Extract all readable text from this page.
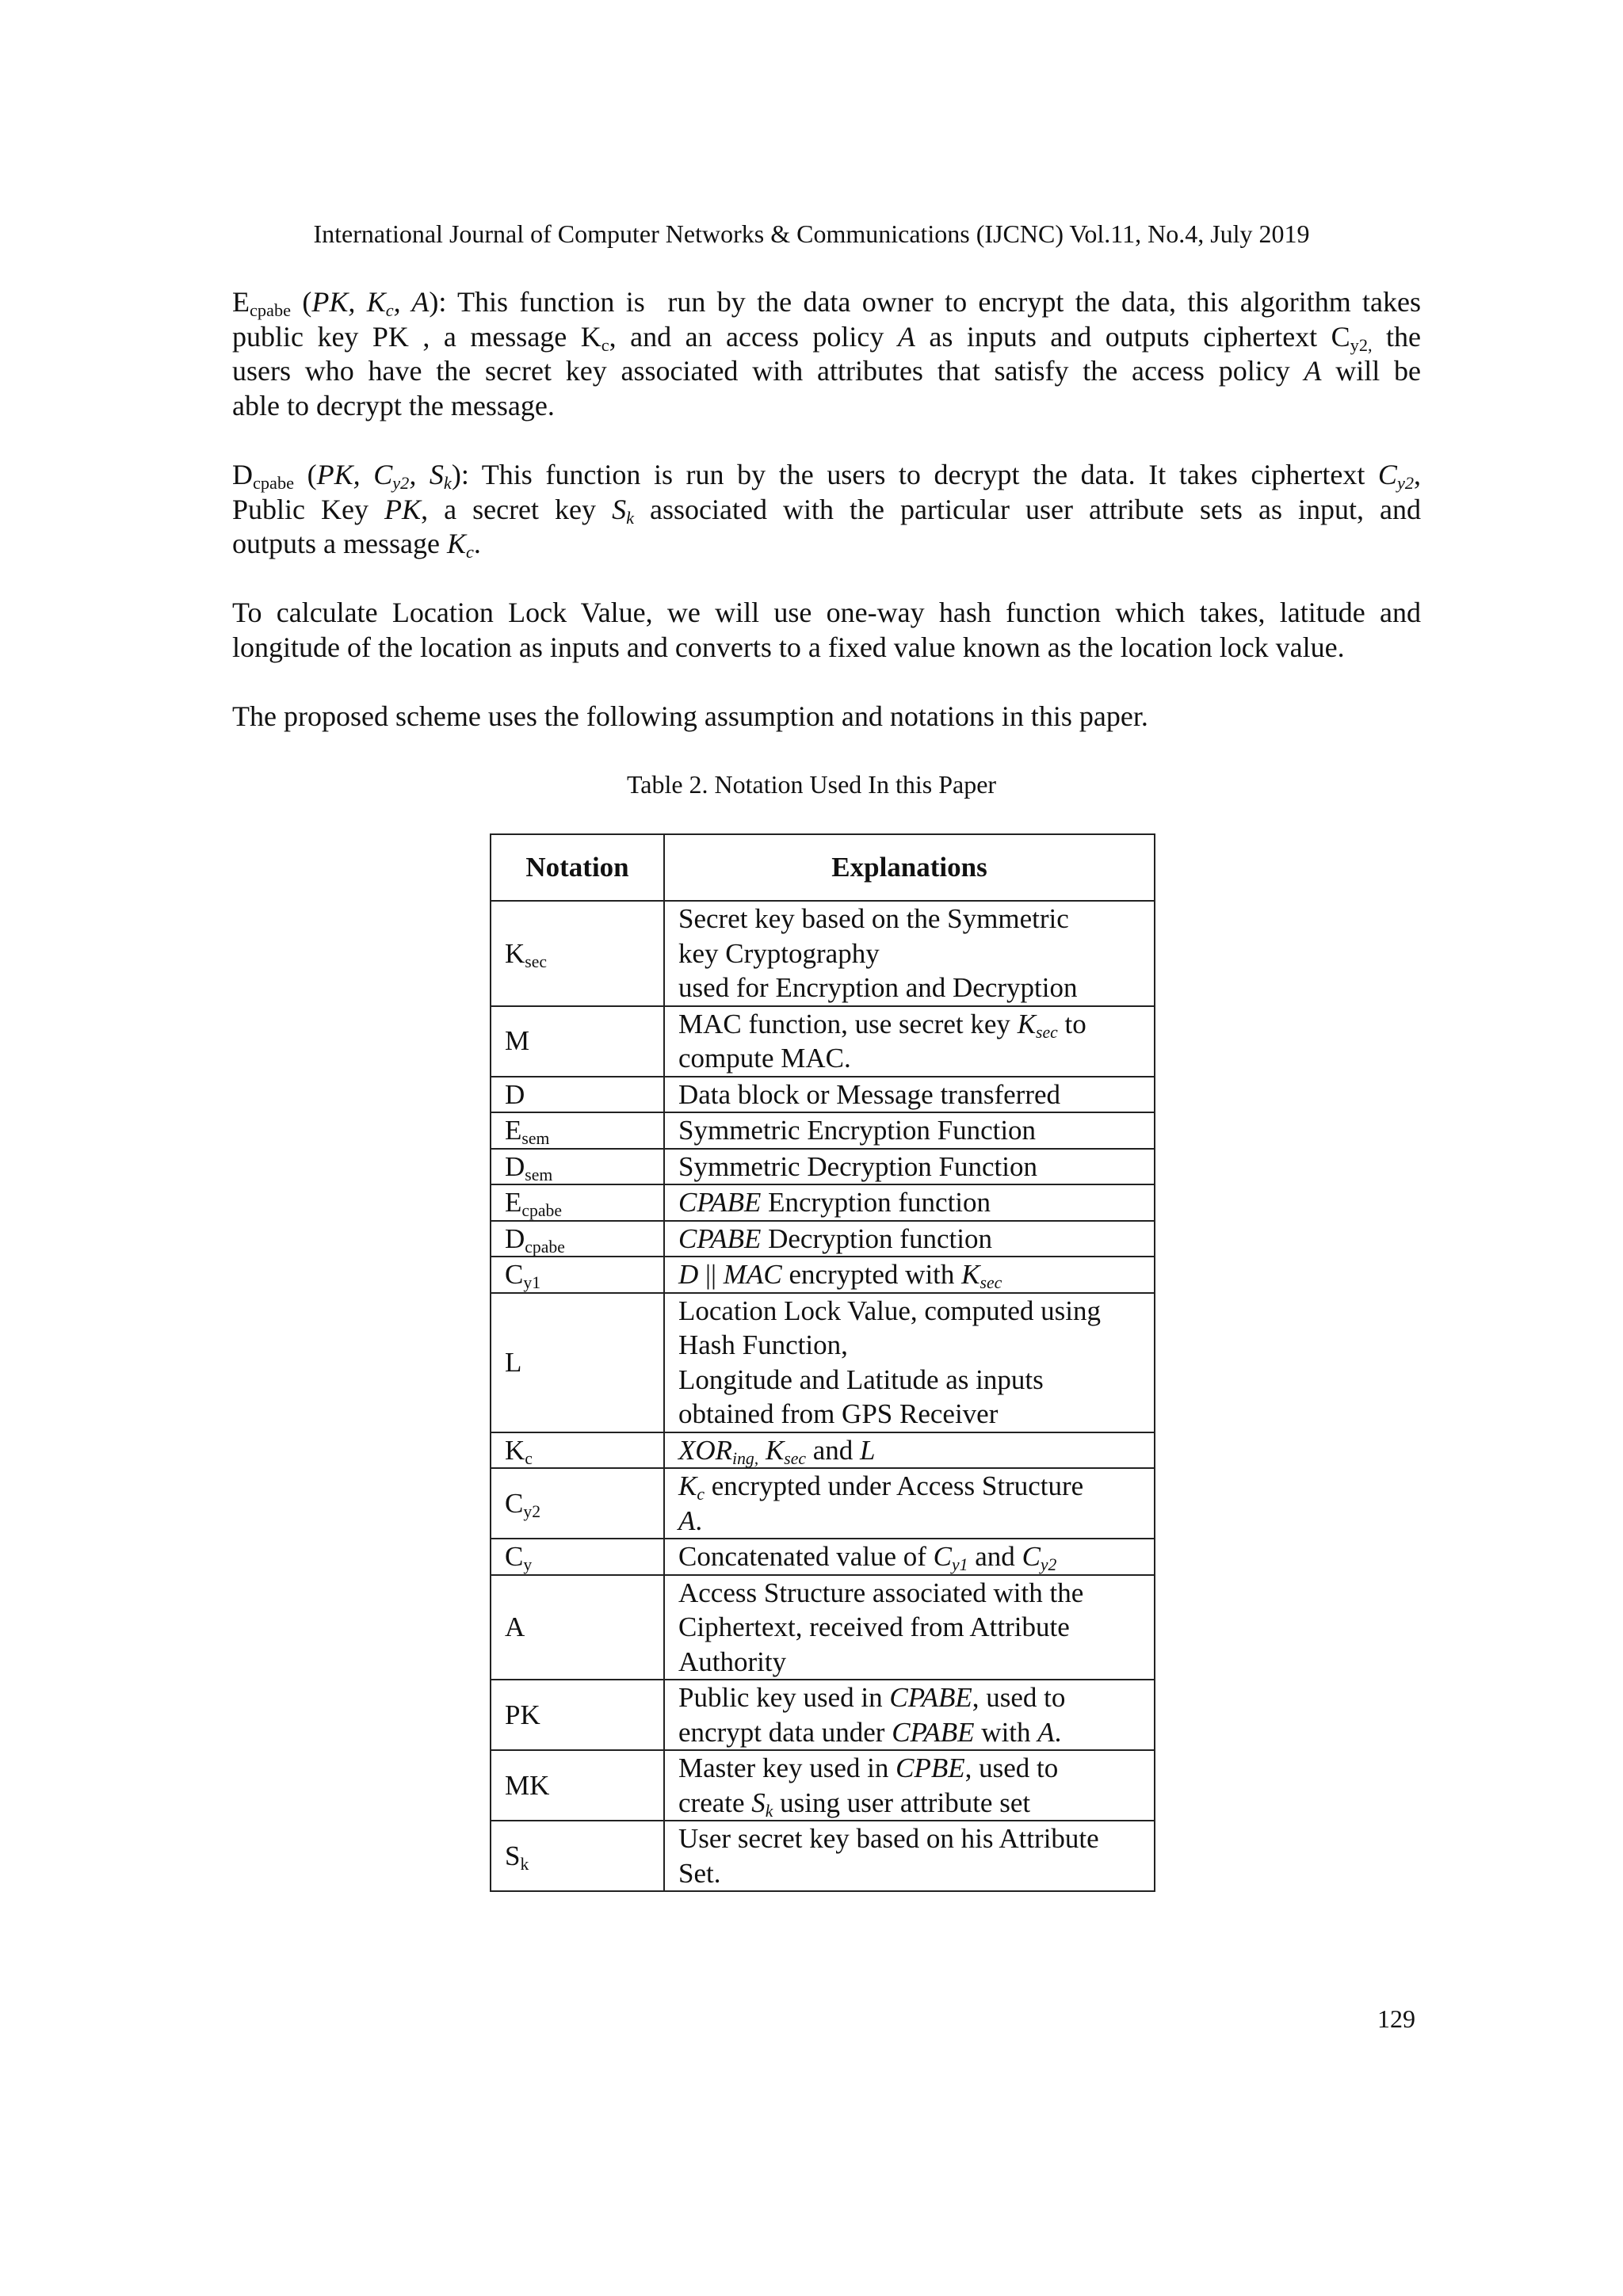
International Journal of Computer Networks & Communications (IJCNC) Vol.11, No.4, July 2019
$E_{cpabe}$ (PK, $K_c$, A): This function is  run by the data owner to encrypt the data, this algorithm takes
public key PK , a message $K_c$, and an access policy A as inputs and outputs ciphertext $C_{y2,}$ the
users who have the secret key associated with attributes that satisfy the access policy A will be
able to decrypt the message.
$D_{cpabe}$ (PK, $C_{y2}$, $S_k$): This function is run by the users to decrypt the data. It takes ciphertext $C_{y2}$,
Public Key PK, a secret key $S_k$ associated with the particular user attribute sets as input, and
outputs a message $K_c$.
To calculate Location Lock Value, we will use one-way hash function which takes, latitude and
longitude of the location as inputs and converts to a fixed value known as the location lock value.
The proposed scheme uses the following assumption and notations in this paper.
Table 2. Notation Used In this Paper
Notation	Explanations
$K_{sec}$	Secret key based on the Symmetric
key Cryptography
used for Encryption and Decryption
M	MAC function, use secret key $K_{sec}$ to
compute MAC.
D	Data block or Message transferred
$E_{sem}$	Symmetric Encryption Function
$D_{sem}$	Symmetric Decryption Function
$E_{cpabe}$	CPABE Encryption function
$D_{cpabe}$	CPABE Decryption function
$C_{y1}$	D || MAC encrypted with $K_{sec}$
L	Location Lock Value, computed using
Hash Function,
Longitude and Latitude as inputs
obtained from GPS Receiver
$K_c$	$XOR_{ing,}$ $K_{sec}$ and L
$C_{y2}$	$K_c$ encrypted under Access Structure
A.
$C_y$	Concatenated value of $C_{y1}$ and $C_{y2}$
A	Access Structure associated with the
Ciphertext, received from Attribute
Authority
PK	Public key used in CPABE, used to
encrypt data under CPABE with A.
MK	Master key used in CPBE, used to
create $S_k$ using user attribute set
$S_k$	User secret key based on his Attribute
Set.
129
